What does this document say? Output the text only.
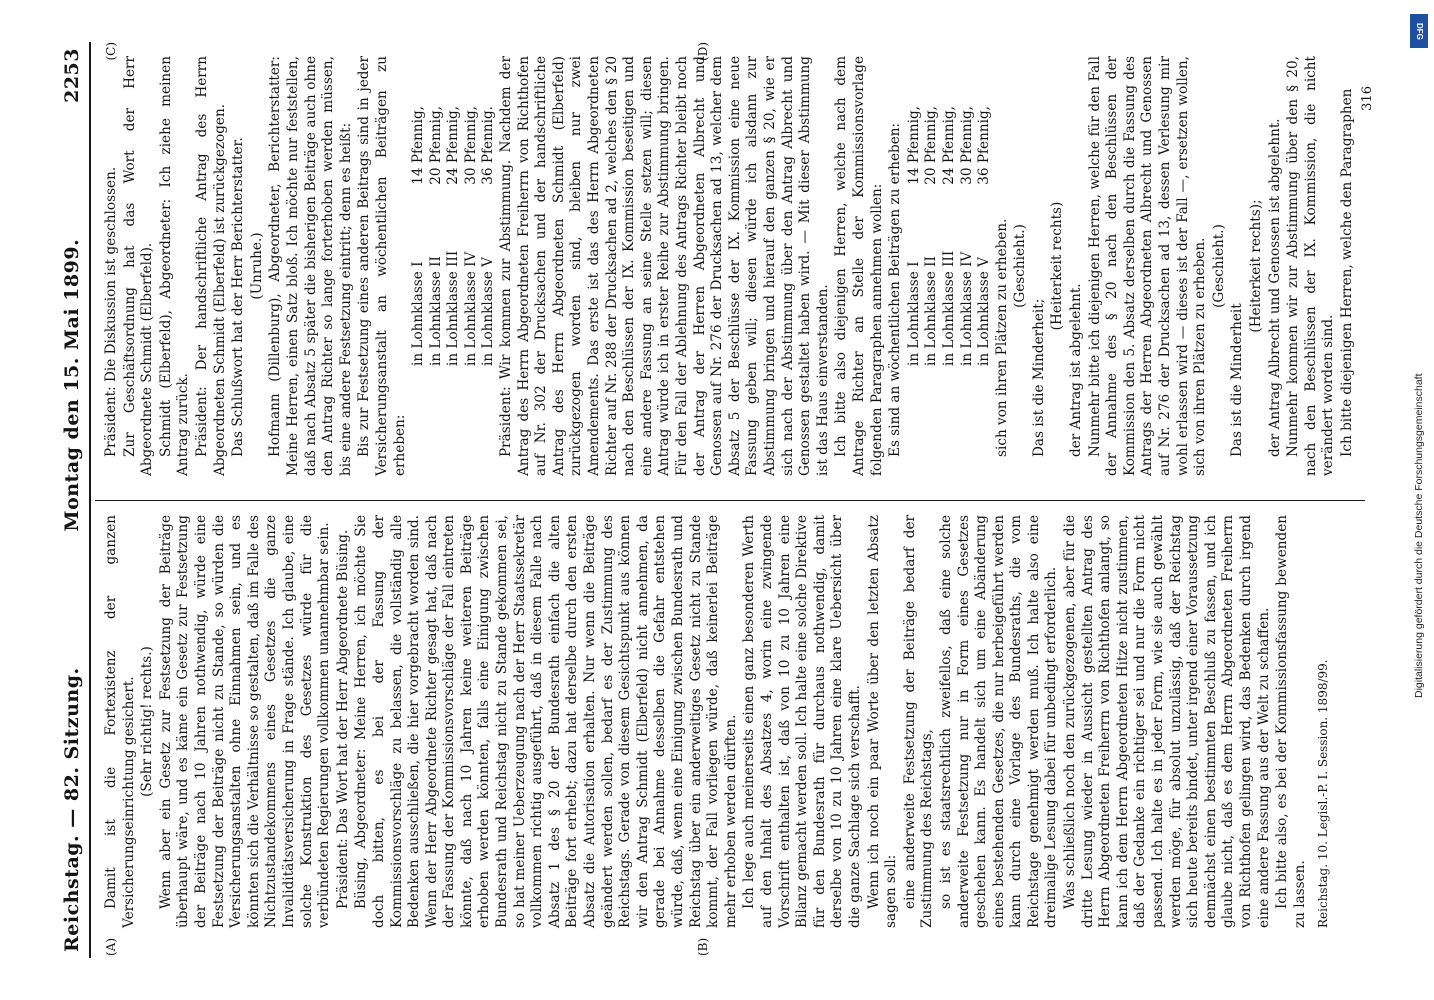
Reichstag. — 82. Sitzung.
Montag den 15. Mai 1899.
2253
(A)	(B)

Damit ist die Fortexistenz der ganzen Versicherungseinrichtung gesichert. (Sehr richtig! rechts.) Wenn aber ein Gesetz zur Festsetzung der Beiträge überhaupt wäre, und es käme ein Gesetz zur Festsetzung der Beiträge nach 10 Jahren nothwendig, würde eine Festsetzung der Beiträge nicht zu Stande, so würden die Versicherungsanstalten ohne Einnahmen sein, und es könnten sich die Verhältnisse so gestalten, daß im Falle des Nichtzustandekommens eines Gesetzes die ganze Invaliditätsversicherung in Frage stände. Ich glaube, eine solche Konstruktion des Gesetzes würde für die verbündeten Regierungen vollkommen unannehmbar sein. Präsident: Das Wort hat der Herr Abgeordnete Büsing. Büsing, Abgeordneter: Meine Herren, ich möchte Sie doch bitten, es bei der Fassung der Kommissionsvorschläge zu belassen, die vollständig alle Bedenken ausschließen, die hier vorgebracht worden sind. Wenn der Herr Abgeordnete Richter gesagt hat, daß nach der Fassung der Kommissionsvorschläge der Fall eintreten könnte, daß nach 10 Jahren keine weiteren Beiträge erhoben werden könnten, falls eine Einigung zwischen Bundesrath und Reichstag nicht zu Stande gekommen sei, so hat meiner Ueberzeugung nach der Herr Staatssekretär vollkommen richtig ausgeführt, daß in diesem Falle nach Absatz 1 des § 20 der Bundesrath einfach die alten Beiträge fort erhebt; dazu hat derselbe durch den ersten Absatz die Autorisation erhalten. Nur wenn die Beiträge geändert werden sollen, bedarf es der Zustimmung des Reichstags. Gerade von diesem Gesichtspunkt aus können wir den Antrag Schmidt (Elberfeld) nicht annehmen, da gerade bei Annahme desselben die Gefahr entstehen würde, daß, wenn eine Einigung zwischen Bundesrath und Reichstag über ein anderweitiges Gesetz nicht zu Stande kommt, der Fall vorliegen würde, daß keinerlei Beiträge mehr erhoben werden dürften. Ich lege auch meinerseits einen ganz besonderen Werth auf den Inhalt des Absatzes 4, worin eine zwingende Vorschrift enthalten ist, daß von 10 zu 10 Jahren eine Bilanz gemacht werden soll. Ich halte eine solche Direktive für den Bundesrath für durchaus nothwendig, damit derselbe von 10 zu 10 Jahren eine klare Uebersicht über die ganze Sachlage sich verschafft. Wenn ich noch ein paar Worte über den letzten Absatz sagen soll: eine anderweite Festsetzung der Beiträge bedarf der Zustimmung des Reichstags, so ist es staatsrechtlich zweifellos, daß eine solche anderweite Festsetzung nur in Form eines Gesetzes geschehen kann. Es handelt sich um eine Abänderung eines bestehenden Gesetzes, die nur herbeigeführt werden kann durch eine Vorlage des Bundesraths, die vom Reichstage genehmigt werden muß. Ich halte also eine dreimalige Lesung dabei für unbedingt erforderlich. Was schließlich noch den zurückgezogenen, aber für die dritte Lesung wieder in Aussicht gestellten Antrag des Herrn Abgeordneten Freiherrn von Richthofen anlangt, so kann ich dem Herrn Abgeordneten Hitze nicht zustimmen, daß der Gedanke ein richtiger sei und nur die Form nicht passend. Ich halte es in jeder Form, wie sie auch gewählt werden möge, für absolut unzulässig, daß der Reichstag sich heute bereits bindet, unter irgend einer Voraussetzung demnächst einen bestimmten Beschluß zu fassen, und ich glaube nicht, daß es dem Herrn Abgeordneten Freiherrn von Richthofen gelingen wird, das Bedenken durch irgend eine andere Fassung aus der Welt zu schaffen. Ich bitte also, es bei der Kommissionsfassung bewenden zu lassen. Reichstag. 10. Legisl.-P. I. Session. 1898/99.
(C)	(D)

Präsident: Die Diskussion ist geschlossen. Zur Geschäftsordnung hat das Wort der Herr Abgeordnete Schmidt (Elberfeld). Schmidt (Elberfeld), Abgeordneter: Ich ziehe meinen Antrag zurück. Präsident: Der handschriftliche Antrag des Herrn Abgeordneten Schmidt (Elberfeld) ist zurückgezogen. Das Schlußwort hat der Herr Berichterstatter. (Unruhe.) Hofmann (Dillenburg), Abgeordneter, Berichterstatter: Meine Herren, einen Satz bloß. Ich möchte nur feststellen, daß nach Absatz 5 später die bisherigen Beiträge auch ohne den Antrag Richter so lange forterhoben werden müssen, bis eine andere Festsetzung eintritt; denn es heißt: Bis zur Festsetzung eines anderen Beitrags sind in jeder Versicherungsanstalt an wöchentlichen Beiträgen zu erheben:

in Lohnklasse I
14 Pfennig,
in Lohnklasse II
20 Pfennig,
in Lohnklasse III
24 Pfennig,
in Lohnklasse IV
30 Pfennig,
in Lohnklasse V
36 Pfennig. Präsident: Wir kommen zur Abstimmung. Nachdem der Antrag des Herrn Abgeordneten Freiherrn von Richthofen auf Nr. 302 der Drucksachen und der handschriftliche Antrag des Herrn Abgeordneten Schmidt (Elberfeld) zurückgezogen worden sind, bleiben nur zwei Amendements. Das erste ist das des Herrn Abgeordneten Richter auf Nr. 288 der Drucksachen ad 2, welches den § 20 nach den Beschlüssen der IX. Kommission beseitigen und eine andere Fassung an seine Stelle setzen will; diesen Antrag würde ich in erster Reihe zur Abstimmung bringen. Für den Fall der Ablehnung des Antrags Richter bleibt noch der Antrag der Herren Abgeordneten Albrecht und Genossen auf Nr. 276 der Drucksachen ad 13, welcher dem Absatz 5 der Beschlüsse der IX. Kommission eine neue Fassung geben will; diesen würde ich alsdann zur Abstimmung bringen und hierauf den ganzen § 20, wie er sich nach der Abstimmung über den Antrag Albrecht und Genossen gestaltet haben wird. — Mit dieser Abstimmung ist das Haus einverstanden. Ich bitte also diejenigen Herren, welche nach dem Antrage Richter an Stelle der Kommissionsvorlage folgenden Paragraphen annehmen wollen: Es sind an wöchentlichen Beiträgen zu erheben: in Lohnklasse I
14 Pfennig,
in Lohnklasse II
20 Pfennig,
in Lohnklasse III
24 Pfennig,
in Lohnklasse IV
30 Pfennig,
in Lohnklasse V
36 Pfennig,

sich von ihren Plätzen zu erheben. (Geschieht.)

Das ist die Minderheit;

(Heiterkeit rechts)

der Antrag ist abgelehnt. Nunmehr bitte ich diejenigen Herren, welche für den Fall der Annahme des § 20 nach den Beschlüssen der Kommission den 5. Absatz derselben durch die Fassung des Antrags der Herren Abgeordneten Albrecht und Genossen auf Nr. 276 der Drucksachen ad 13, dessen Verlesung mir wohl erlassen wird — dieses ist der Fall —, ersetzen wollen, sich von ihren Plätzen zu erheben. (Geschieht.)

Das ist die Minderheit

(Heiterkeit rechts); der Antrag Albrecht und Genossen ist abgelehnt. Nunmehr kommen wir zur Abstimmung über den § 20, nach den Beschlüssen der IX. Kommission, die nicht verändert worden sind. Ich bitte diejenigen Herren, welche den Paragraphen 316
DFG
Digitalisierung gefördert durch die Deutsche Forschungsgemeinschaft
